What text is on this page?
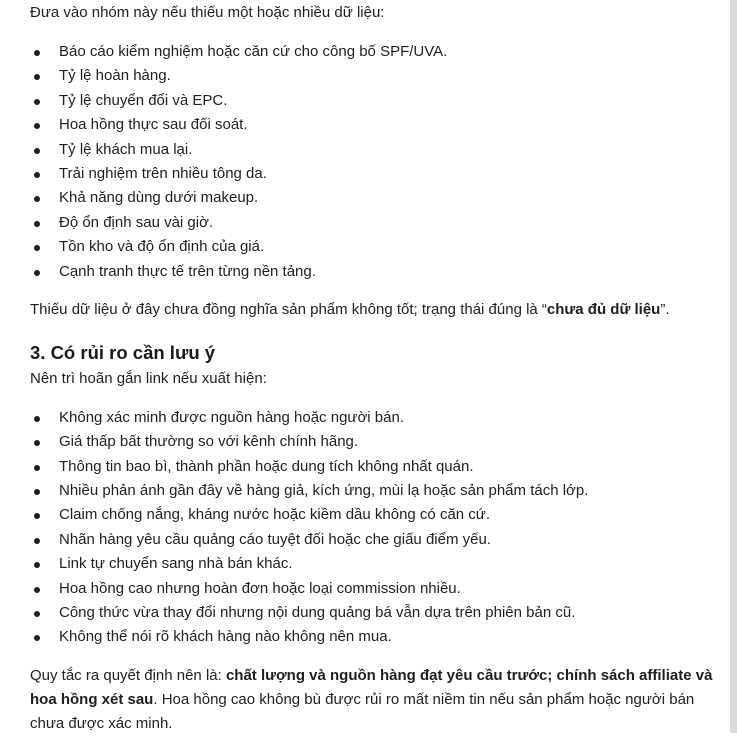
Đưa vào nhóm này nếu thiếu một hoặc nhiều dữ liệu:

Báo cáo kiểm nghiệm hoặc căn cứ cho công bố SPF/UVA.
Tỷ lệ hoàn hàng.
Tỷ lệ chuyển đổi và EPC.
Hoa hồng thực sau đối soát.
Tỷ lệ khách mua lại.
Trải nghiệm trên nhiều tông da.
Khả năng dùng dưới makeup.
Độ ổn định sau vài giờ.
Tồn kho và độ ổn định của giá.
Cạnh tranh thực tế trên từng nền tảng.

Thiếu dữ liệu ở đây chưa đồng nghĩa sản phẩm không tốt; trạng thái đúng là “chưa đủ dữ liệu”.

3. Có rủi ro cần lưu ý

Nên trì hoãn gắn link nếu xuất hiện:

Không xác minh được nguồn hàng hoặc người bán.
Giá thấp bất thường so với kênh chính hãng.
Thông tin bao bì, thành phần hoặc dung tích không nhất quán.
Nhiều phản ánh gần đây về hàng giả, kích ứng, mùi lạ hoặc sản phẩm tách lớp.
Claim chống nắng, kháng nước hoặc kiềm dầu không có căn cứ.
Nhãn hàng yêu cầu quảng cáo tuyệt đối hoặc che giấu điểm yếu.
Link tự chuyển sang nhà bán khác.
Hoa hồng cao nhưng hoàn đơn hoặc loại commission nhiều.
Công thức vừa thay đổi nhưng nội dung quảng bá vẫn dựa trên phiên bản cũ.
Không thể nói rõ khách hàng nào không nên mua.

Quy tắc ra quyết định nên là: chất lượng và nguồn hàng đạt yêu cầu trước; chính sách affiliate và hoa hồng xét sau. Hoa hồng cao không bù được rủi ro mất niềm tin nếu sản phẩm hoặc người bán chưa được xác minh.
